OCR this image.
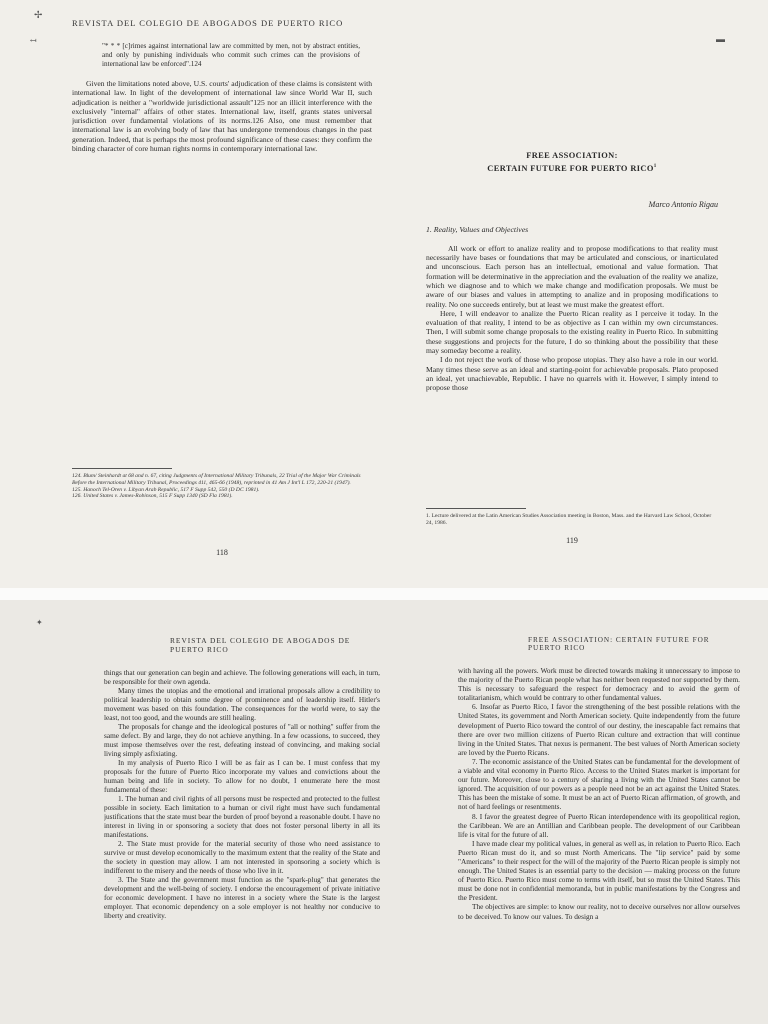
✢
↤
REVISTA DEL COLEGIO DE ABOGADOS DE PUERTO RICO

"* * * [c]rimes against international law are committed by men, not by abstract entities, and only by punishing individuals who commit such crimes can the provisions of international law be enforced".124

Given the limitations noted above, U.S. courts' adjudication of these claims is consistent with international law. In light of the development of international law since World War II, such adjudication is neither a "worldwide jurisdictional assault"125 nor an illicit interference with the exclusively "internal" affairs of other states. International law, itself, grants states universal jurisdiction over fundamental violations of its norms.126 Also, one must remember that international law is an evolving body of law that has undergone tremendous changes in the past generation. Indeed, that is perhaps the most profound significance of these cases: they confirm the binding character of core human rights norms in contemporary international law.

124. Blum/ Steinhardt at 68 and n. 67, citing Judgments of International Military Tribunals, 22 Trial of the Major War Criminals Before the International Military Tribunal, Proceedings 411, 465-66 (1948), reprinted in 41 Am J Int'l L 172, 220-21 (1947).

125. Hanoch Tel-Oren v. Libyan Arab Republic, 517 F Supp 542, 550 (D DC 1981).

126. United States v. James-Robinson, 515 F Supp 1340 (SD Fla 1981).

118
▬
FREE ASSOCIATION:
CERTAIN FUTURE FOR PUERTO RICO$^1$
Marco Antonio Rigau
1. Reality, Values and Objectives

All work or effort to analize reality and to propose modifications to that reality must necessarily have bases or foundations that may be articulated and conscious, or inarticulated and unconscious. Each person has an intellectual, emotional and value formation. That formation will be determinative in the appreciation and the evaluation of the reality we analize, which we diagnose and to which we make change and modification proposals. We must be aware of our biases and values in attempting to analize and in proposing modifications to reality. No one succeeds entirely, but at least we must make the greatest effort.

Here, I will endeavor to analize the Puerto Rican reality as I perceive it today. In the evaluation of that reality, I intend to be as objective as I can within my own circumstances. Then, I will submit some change proposals to the existing reality in Puerto Rico. In submitting these suggestions and projects for the future, I do so thinking about the possibility that these may someday become a reality.

I do not reject the work of those who propose utopias. They also have a role in our world. Many times these serve as an ideal and starting-point for achievable proposals. Plato proposed an ideal, yet unachievable, Republic. I have no quarrels with it. However, I simply intend to propose those

1. Lecture delivered at the Latin American Studies Association meeting in Boston, Mass. and the Harvard Law School, October 24, 1986.

119
✦
REVISTA DEL COLEGIO DE ABOGADOS DE PUERTO RICO

things that our generation can begin and achieve. The following generations will each, in turn, be responsible for their own agenda.

Many times the utopias and the emotional and irrational proposals allow a credibility to political leadership to obtain some degree of prominence and of leadership itself. Hitler's movement was based on this foundation. The consequences for the world were, to say the least, not too good, and the wounds are still healing.

The proposals for change and the ideological postures of "all or nothing" suffer from the same defect. By and large, they do not achieve anything. In a few ocassions, to succeed, they must impose themselves over the rest, defeating instead of convincing, and making social living simply asfixiating.

In my analysis of Puerto Rico I will be as fair as I can be. I must confess that my proposals for the future of Puerto Rico incorporate my values and convictions about the human being and life in society. To allow for no doubt, I enumerate here the most fundamental of these:

1. The human and civil rights of all persons must be respected and protected to the fullest possible in society. Each limitation to a human or civil right must have such fundamental justifications that the state must bear the burden of proof beyond a reasonable doubt. I have no interest in living in or sponsoring a society that does not foster personal liberty in all its manifestations.

2. The State must provide for the material security of those who need assistance to survive or must develop economically to the maximum extent that the reality of the State and the society in question may allow. I am not interested in sponsoring a society which is indifferent to the misery and the needs of those who live in it.

3. The State and the government must function as the "spark-plug" that generates the development and the well-being of society. I endorse the encouragement of private initiative for economic development. I have no interest in a society where the State is the largest employer. That economic dependency on a sole employer is not healthy nor conducive to liberty and creativity.

FREE ASSOCIATION: CERTAIN FUTURE FOR PUERTO RICO

with having all the powers. Work must be directed towards making it unnecessary to impose to the majority of the Puerto Rican people what has neither been requested nor supported by them. This is necessary to safeguard the respect for democracy and to avoid the germ of totalitarianism, which would be contrary to other fundamental values.

6. Insofar as Puerto Rico, I favor the strengthening of the best possible relations with the United States, its government and North American society. Quite independently from the future development of Puerto Rico toward the control of our destiny, the inescapable fact remains that there are over two million citizens of Puerto Rican culture and extraction that will continue living in the United States. That nexus is permanent. The best values of North American society are loved by the Puerto Ricans.

7. The economic assistance of the United States can be fundamental for the development of a viable and vital economy in Puerto Rico. Access to the United States market is important for our future. Moreover, close to a century of sharing a living with the United States cannot be ignored. The acquisition of our powers as a people need not be an act against the United States. This has been the mistake of some. It must be an act of Puerto Rican affirmation, of growth, and not of hard feelings or resentments.

8. I favor the greatest degree of Puerto Rican interdependence with its geopolitical region, the Caribbean. We are an Antillian and Caribbean people. The development of our Caribbean life is vital for the future of all.

I have made clear my political values, in general as well as, in relation to Puerto Rico. Each Puerto Rican must do it, and so must North Americans. The "lip service" paid by some "Americans" to their respect for the will of the majority of the Puerto Rican people is simply not enough. The United States is an essential party to the decision — making process on the future of Puerto Rico. Puerto Rico must come to terms with itself, but so must the United States. This must be done not in confidential memoranda, but in public manifestations by the Congress and the President.

The objectives are simple: to know our reality, not to deceive ourselves nor allow ourselves to be deceived. To know our values. To design a
